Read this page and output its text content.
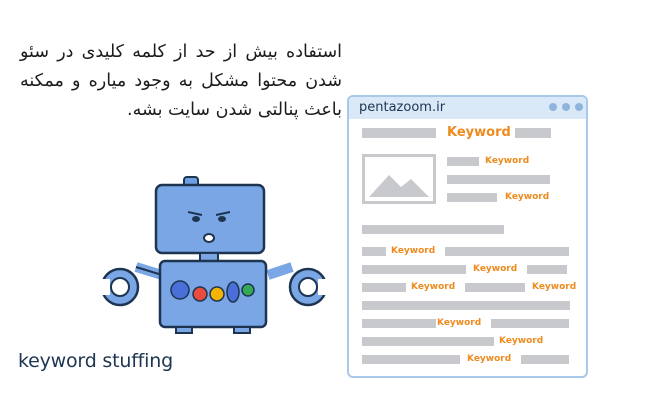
استفاده بیش از حد از کلمه کلیدی در سئو شدن محتوا مشکل به وجود میاره و ممکنه باعث پنالتی شدن سایت بشه.
keyword stuffing
pentazoom.ir
Keyword
Keyword
Keyword
Keyword
Keyword
Keyword	Keyword
Keyword
Keyword
Keyword
